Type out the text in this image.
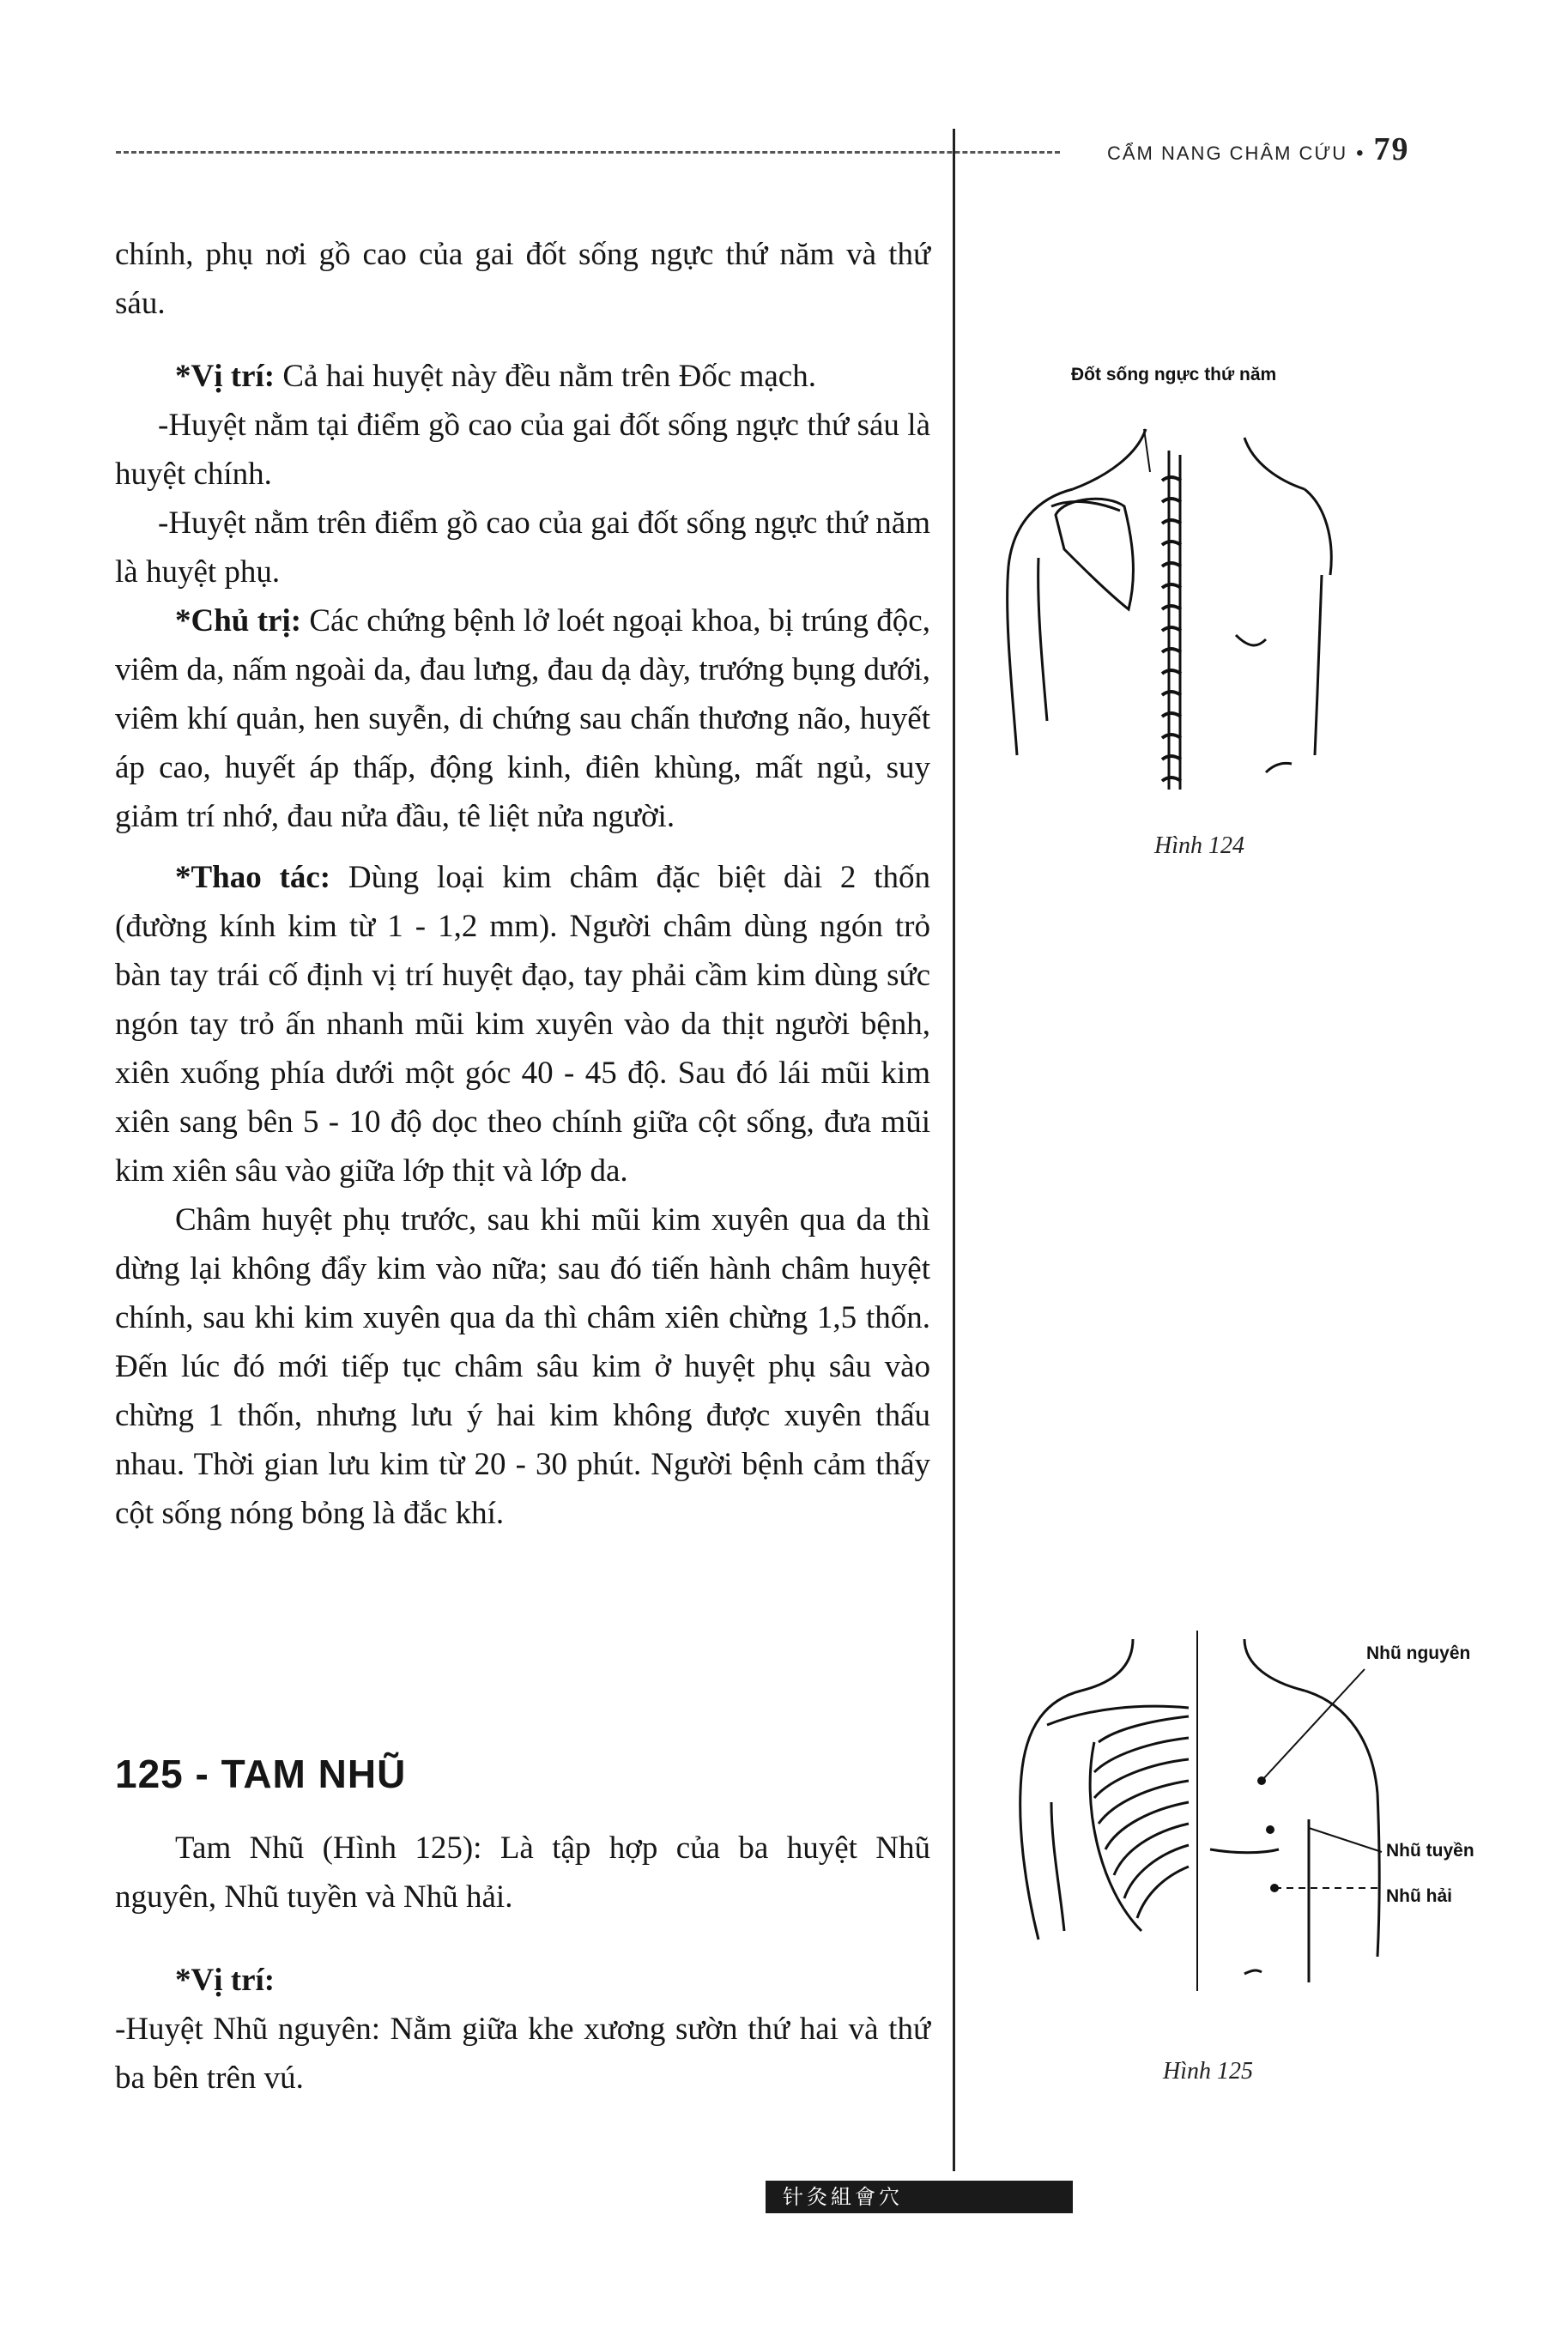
CẨM NANG CHÂM CỨU • 79

chính, phụ nơi gồ cao của gai đốt sống ngực thứ năm và thứ sáu.

*Vị trí: Cả hai huyệt này đều nằm trên Đốc mạch.

-Huyệt nằm tại điểm gồ cao của gai đốt sống ngực thứ sáu là huyệt chính.

-Huyệt nằm trên điểm gồ cao của gai đốt sống ngực thứ năm là huyệt phụ.

*Chủ trị: Các chứng bệnh lở loét ngoại khoa, bị trúng độc, viêm da, nấm ngoài da, đau lưng, đau dạ dày, trướng bụng dưới, viêm khí quản, hen suyễn, di chứng sau chấn thương não, huyết áp cao, huyết áp thấp, động kinh, điên khùng, mất ngủ, suy giảm trí nhớ, đau nửa đầu, tê liệt nửa người.

*Thao tác: Dùng loại kim châm đặc biệt dài 2 thốn (đường kính kim từ 1 - 1,2 mm). Người châm dùng ngón trỏ bàn tay trái cố định vị trí huyệt đạo, tay phải cầm kim dùng sức ngón tay trỏ ấn nhanh mũi kim xuyên vào da thịt người bệnh, xiên xuống phía dưới một góc 40 - 45 độ. Sau đó lái mũi kim xiên sang bên 5 - 10 độ dọc theo chính giữa cột sống, đưa mũi kim xiên sâu vào giữa lớp thịt và lớp da.

Châm huyệt phụ trước, sau khi mũi kim xuyên qua da thì dừng lại không đẩy kim vào nữa; sau đó tiến hành châm huyệt chính, sau khi kim xuyên qua da thì châm xiên chừng 1,5 thốn. Đến lúc đó mới tiếp tục châm sâu kim ở huyệt phụ sâu vào chừng 1 thốn, nhưng lưu ý hai kim không được xuyên thấu nhau. Thời gian lưu kim từ 20 - 30 phút. Người bệnh cảm thấy cột sống nóng bỏng là đắc khí.

125 - TAM NHŨ

Tam Nhũ (Hình 125): Là tập hợp của ba huyệt Nhũ nguyên, Nhũ tuyền và Nhũ hải.

*Vị trí:

-Huyệt Nhũ nguyên: Nằm giữa khe xương sườn thứ hai và thứ ba bên trên vú.

Đốt sống ngực thứ năm
Hình 124
Nhũ nguyên
Nhũ tuyền
Nhũ hải
Hình 125
针灸組會穴
